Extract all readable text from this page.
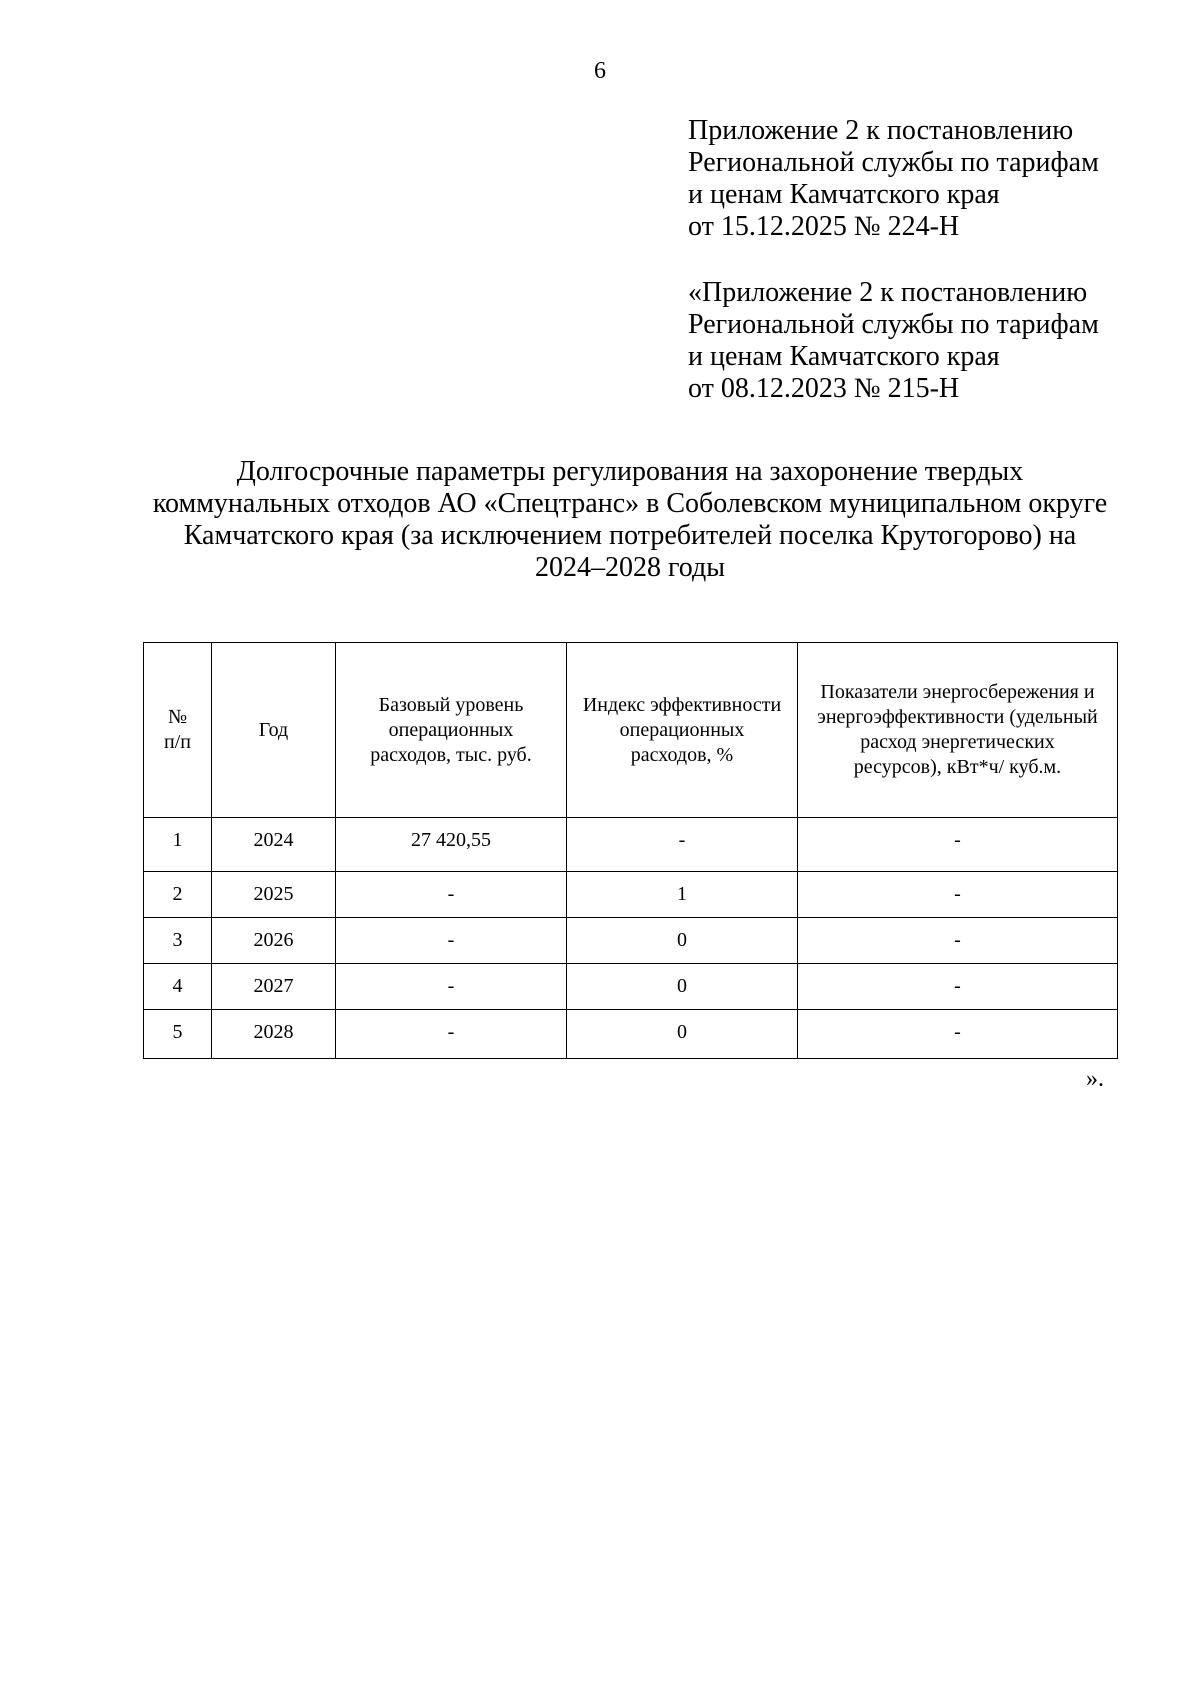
6
Приложение 2 к постановлению
Региональной службы по тарифам
и ценам Камчатского края
от 15.12.2025 № 224-Н
«Приложение 2 к постановлению
Региональной службы по тарифам
и ценам Камчатского края
от 08.12.2023 № 215-Н
Долгосрочные параметры регулирования на захоронение твердых
коммунальных отходов АО «Спецтранс» в Соболевском муниципальном округе
Камчатского края (за исключением потребителей поселка Крутогорово) на
2024–2028 годы
№
п/п	Год	Базовый уровень
операционных
расходов, тыс. руб.	Индекс эффективности
операционных
расходов, %	Показатели энергосбережения и
энергоэффективности (удельный
расход энергетических
ресурсов), кВт*ч/ куб.м.

1	2024	27 420,55	-	-
2	2025	-	1	-
3	2026	-	0	-
4	2027	-	0	-
5	2028	-	0	-
».
